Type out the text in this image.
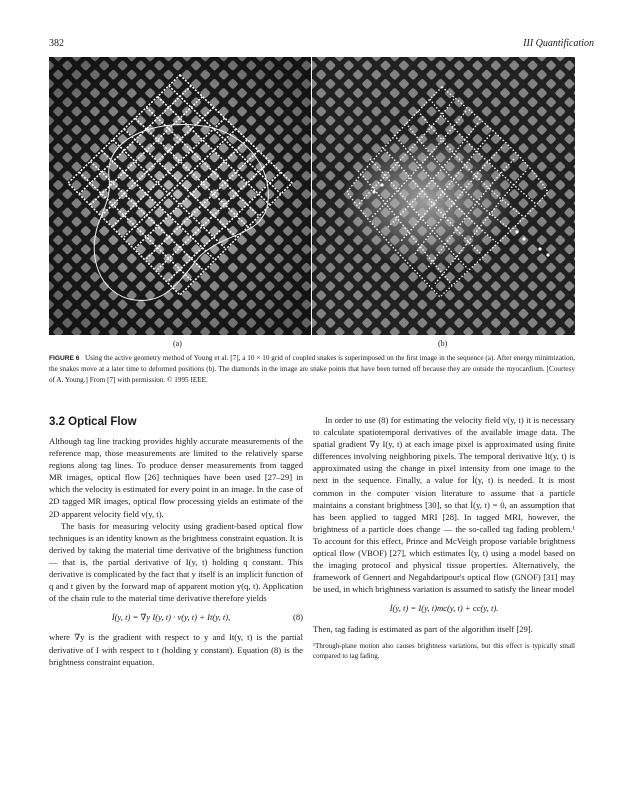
382	III Quantification
(a)	(b)
FIGURE 6 Using the active geometry method of Young et al. [7], a 10 × 10 grid of coupled snakes is superimposed on the first image in the sequence (a). After energy minimization, the snakes move at a later time to deformed positions (b). The diamonds in the image are snake points that have been turned off because they are outside the myocardium. [Courtesy of A. Young.] From [7] with permission. © 1995 IEEE.
3.2 Optical Flow

Although tag line tracking provides highly accurate measurements of the reference map, those measurements are limited to the relatively sparse regions along tag lines. To produce denser measurements from tagged MR images, optical flow [26] techniques have been used [27–29] in which the velocity is estimated for every point in an image. In the case of 2D tagged MR images, optical flow processing yields an estimate of the 2D apparent velocity field v(y, t).

The basis for measuring velocity using gradient-based optical flow techniques is an identity known as the brightness constraint equation. It is derived by taking the material time derivative of the brightness function — that is, the partial derivative of I(y, t) holding q constant. This derivative is complicated by the fact that y itself is an implicit function of q and t given by the forward map of apparent motion y(q, t). Application of the chain rule to the material time derivative therefore yields

İ(y, t) = ∇y I(y, t) · v(y, t) + It(y, t),	(8)

where ∇y is the gradient with respect to y and It(y, t) is the partial derivative of I with respect to t (holding y constant). Equation (8) is the brightness constraint equation.

In order to use (8) for estimating the velocity field v(y, t) it is necessary to calculate spatiotemporal derivatives of the available image data. The spatial gradient ∇y I(y, t) at each image pixel is approximated using finite differences involving neighboring pixels. The temporal derivative It(y, t) is approximated using the change in pixel intensity from one image to the next in the sequence. Finally, a value for İ(y, t) is needed. It is most common in the computer vision literature to assume that a particle maintains a constant brightness [30], so that İ(y, t) = 0, an assumption that has been applied to tagged MRI [28]. In tagged MRI, however, the brightness of a particle does change — the so-called tag fading problem.¹ To account for this effect, Prince and McVeigh propose variable brightness optical flow (VBOF) [27], which estimates İ(y, t) using a model based on the imaging protocol and physical tissue properties. Alternatively, the framework of Gennert and Negahdaripour's optical flow (GNOF) [31] may be used, in which brightness variation is assumed to satisfy the linear model

İ(y, t) = I(y, t)mc(y, t) + cc(y, t).

Then, tag fading is estimated as part of the algorithm itself [29].

¹Through-plane motion also causes brightness variations, but this effect is typically small compared to tag fading.
